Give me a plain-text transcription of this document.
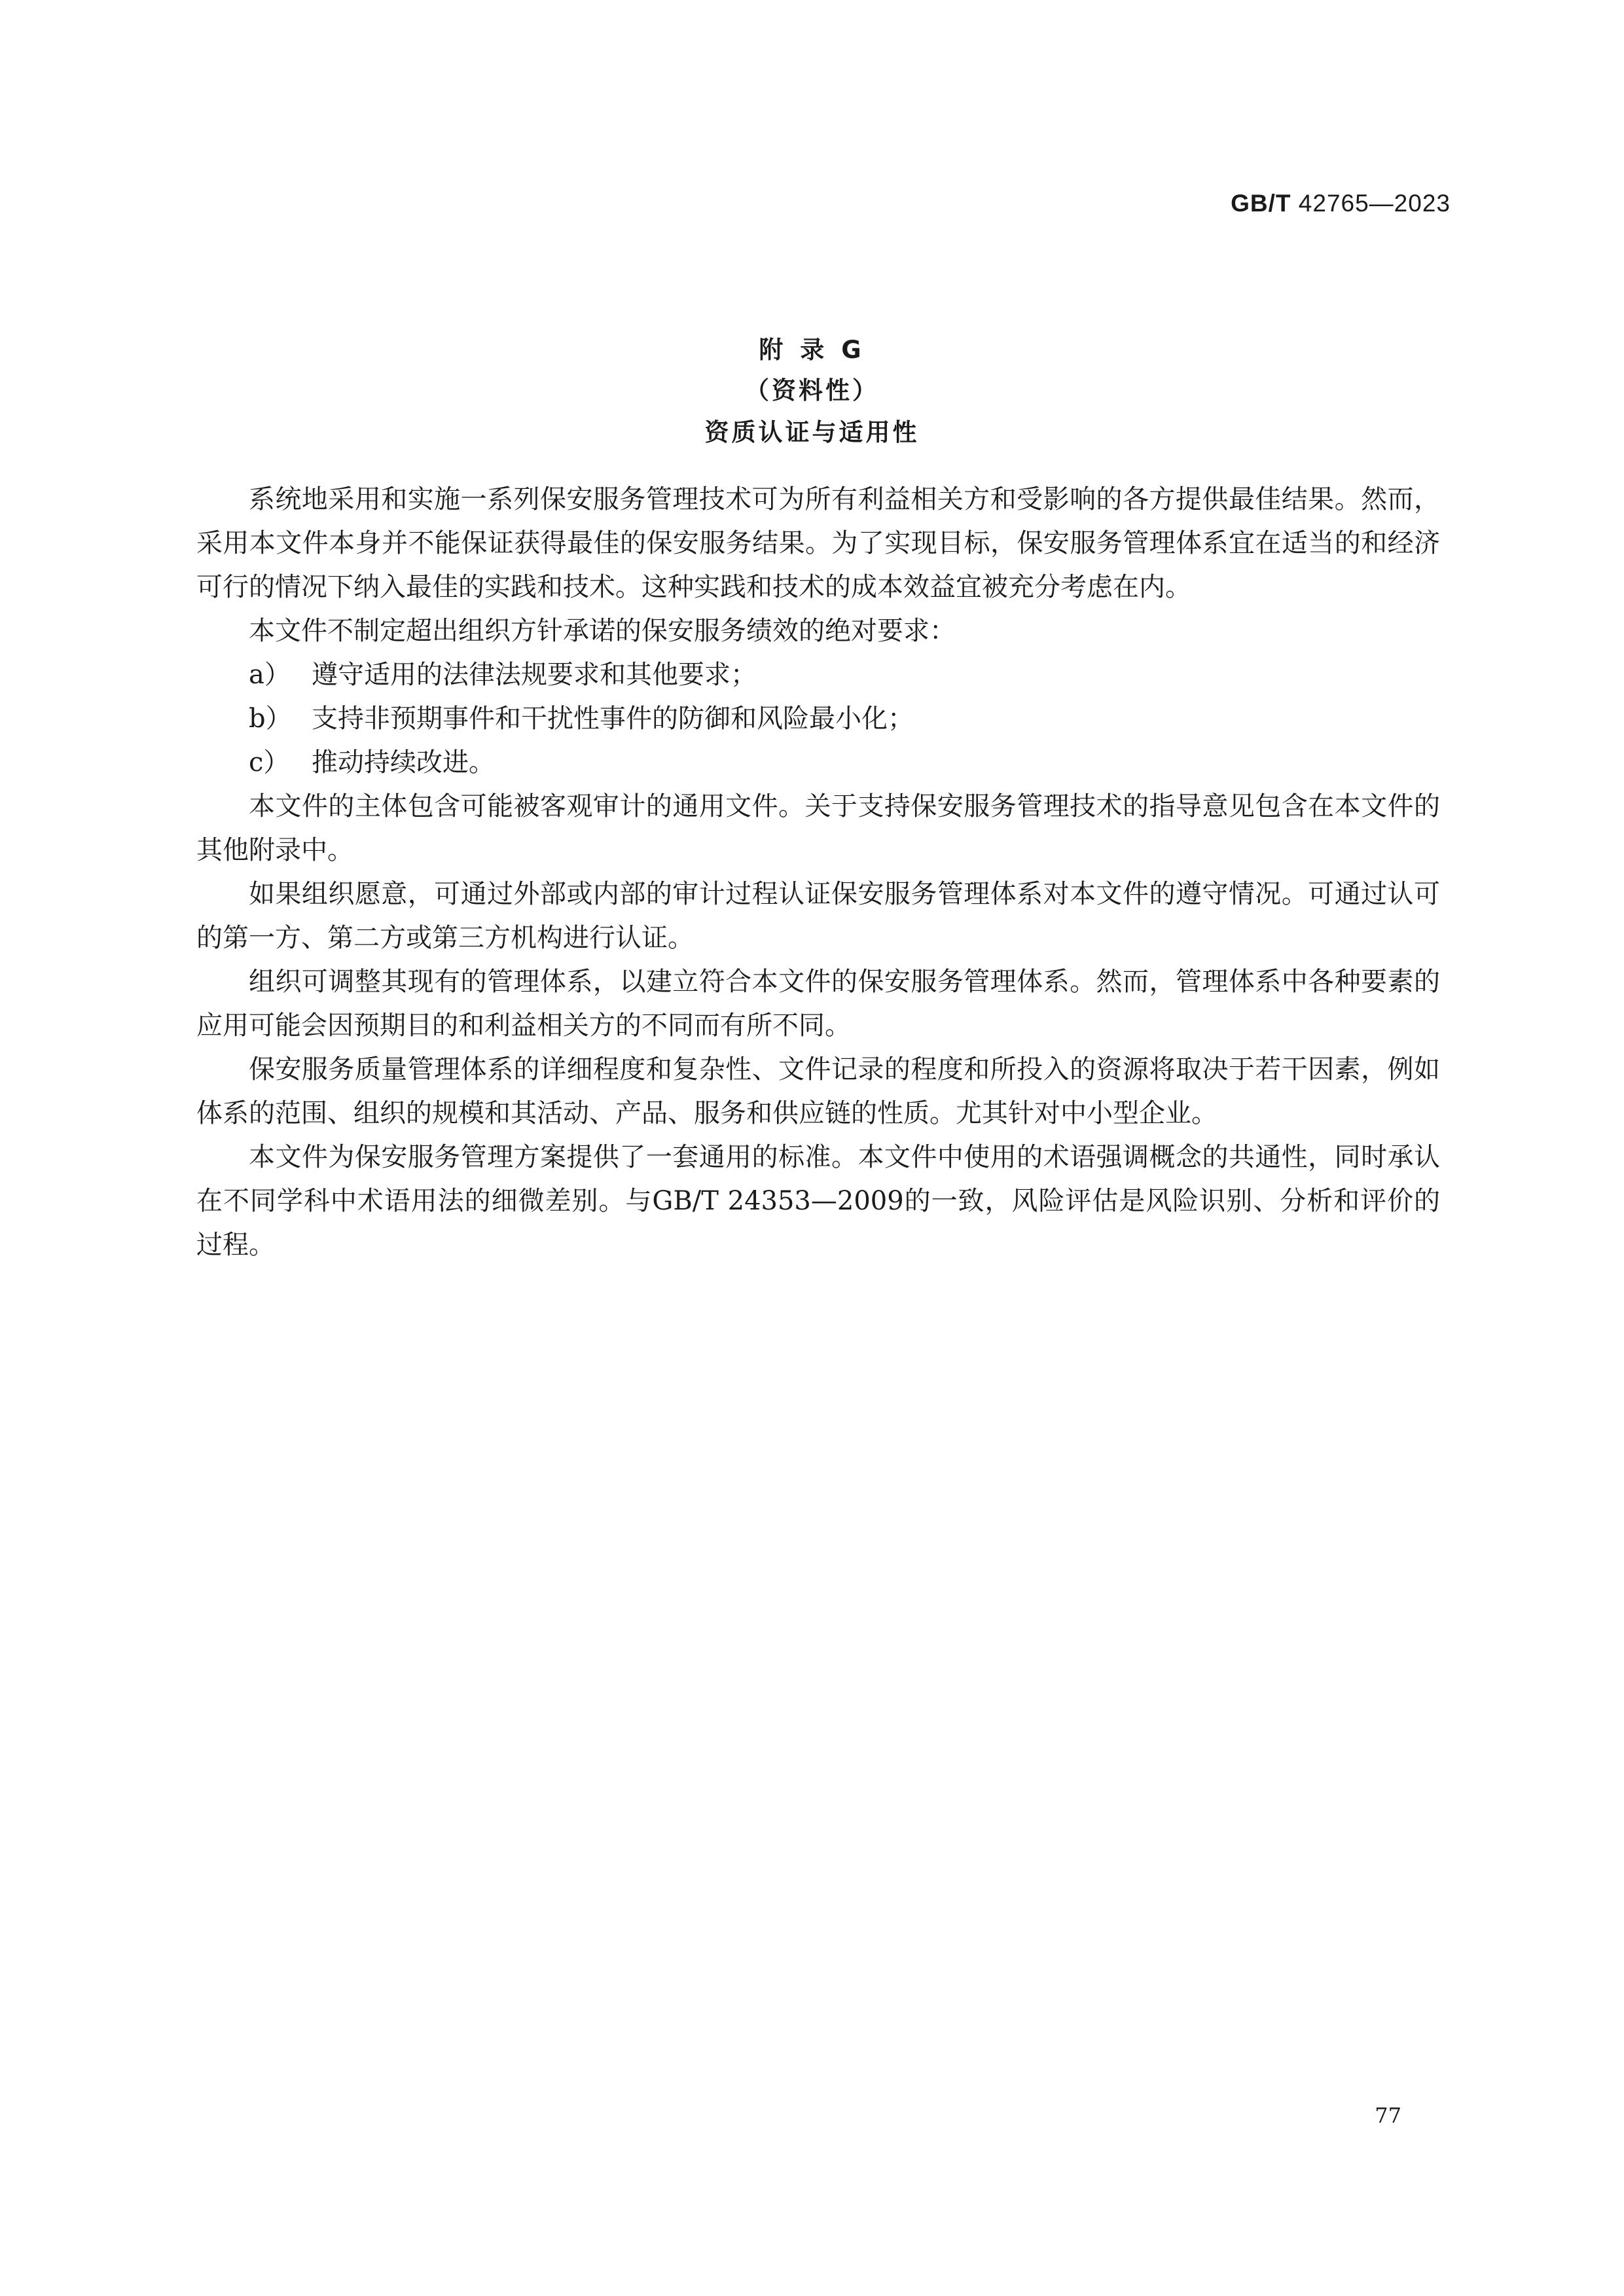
GB/T 42765—2023
附录G
（资料性）
资质认证与适用性

系统地采用和实施一系列保安服务管理技术可为所有利益相关方和受影响的各方提供最佳结果。然而，采用本文件本身并不能保证获得最佳的保安服务结果。为了实现目标，保安服务管理体系宜在适当的和经济可行的情况下纳入最佳的实践和技术。这种实践和技术的成本效益宜被充分考虑在内。

本文件不制定超出组织方针承诺的保安服务绩效的绝对要求：

a） 遵守适用的法律法规要求和其他要求；

b） 支持非预期事件和干扰性事件的防御和风险最小化；

c） 推动持续改进。

本文件的主体包含可能被客观审计的通用文件。关于支持保安服务管理技术的指导意见包含在本文件的其他附录中。

如果组织愿意，可通过外部或内部的审计过程认证保安服务管理体系对本文件的遵守情况。可通过认可的第一方、第二方或第三方机构进行认证。

组织可调整其现有的管理体系，以建立符合本文件的保安服务管理体系。然而，管理体系中各种要素的应用可能会因预期目的和利益相关方的不同而有所不同。

保安服务质量管理体系的详细程度和复杂性、文件记录的程度和所投入的资源将取决于若干因素，例如体系的范围、组织的规模和其活动、产品、服务和供应链的性质。尤其针对中小型企业。

本文件为保安服务管理方案提供了一套通用的标准。本文件中使用的术语强调概念的共通性，同时承认在不同学科中术语用法的细微差别。与GB/T 24353—2009的一致，风险评估是风险识别、分析和评价的过程。

77
